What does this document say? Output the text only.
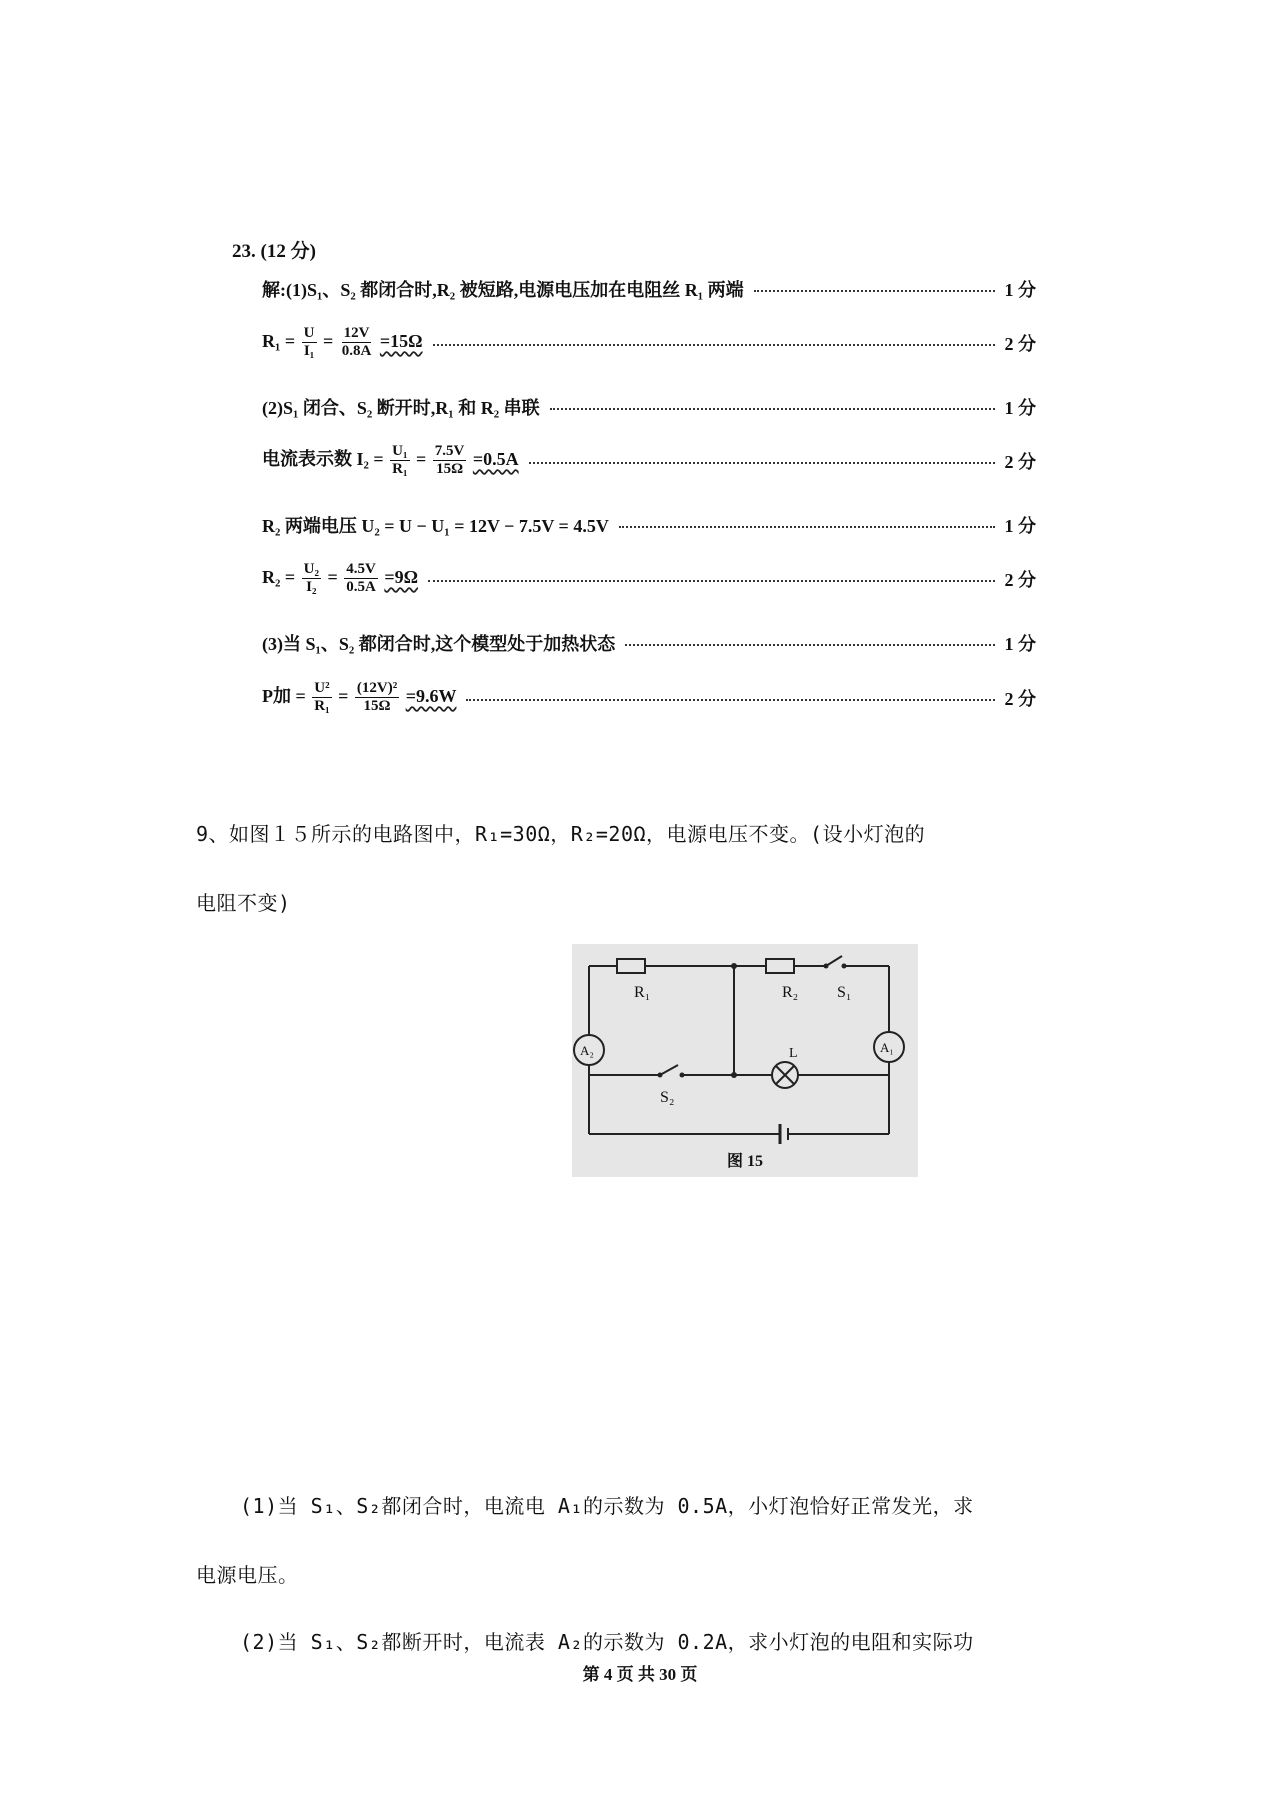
23. (12 分)
解:(1)S₁、S₂ 都闭合时,R₂ 被短路,电源电压加在电阻丝 R₁ 两端	1 分
$R_1 = \frac{U}{\text{I₁}} = \frac{12V}{0.8A} =15\Omega$	2 分
(2)S₁ 闭合、S₂ 断开时,R₁ 和 R₂ 串联	1 分
电流表示数 $I_2 = \frac{\text{U₁}}{\text{R₁}} = \frac{7.5V}{15\Omega} =0.5A$	2 分
R₂ 两端电压 U₂ = U − U₁ = 12V − 7.5V = 4.5V	1 分
$R_2 = \frac{\text{U₂}}{\text{I₂}} = \frac{4.5V}{0.5A} =9\Omega$	2 分
(3)当 S₁、S₂ 都闭合时,这个模型处于加热状态	1 分
P加 = $\frac{\text{U²}}{\text{R₁}} = \frac{\text{(12V)²}}{15\Omega} =9.6W$	2 分
9、如图１５所示的电路图中，R₁=30Ω，R₂=20Ω，电源电压不变。(设小灯泡的
电阻不变)
R₁	R₂ S₁
S₂
L
A₂	A₁
图 15
(1)当 S₁、S₂都闭合时，电流电 A₁的示数为 0.5A，小灯泡恰好正常发光，求
电源电压。
(2)当 S₁、S₂都断开时，电流表 A₂的示数为 0.2A，求小灯泡的电阻和实际功
第 4 页 共 30 页
